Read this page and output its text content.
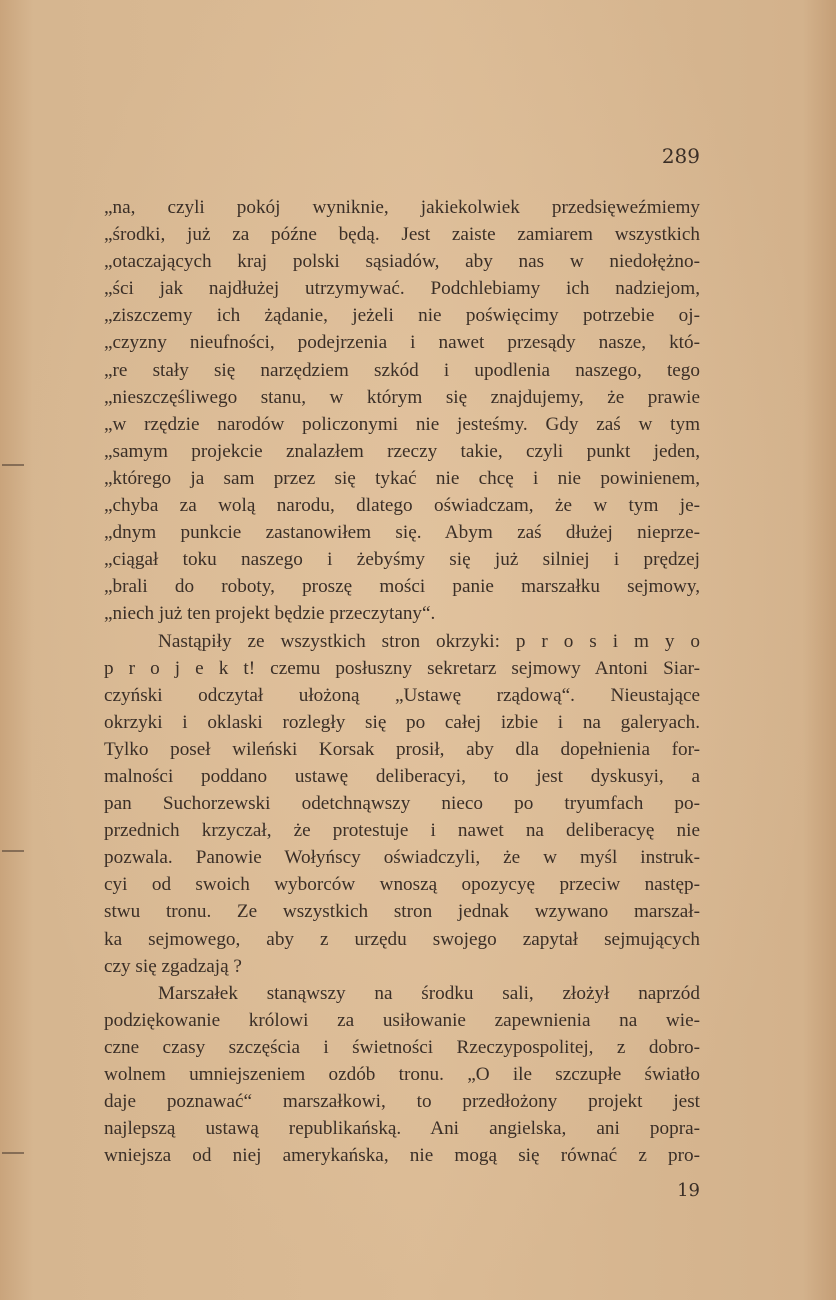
289
„na, czyli pokój wyniknie, jakiekolwiek przedsięweźmiemy
„środki, już za późne będą. Jest zaiste zamiarem wszystkich
„otaczających kraj polski sąsiadów, aby nas w niedołężno-
„ści jak najdłużej utrzymywać. Podchlebiamy ich nadziejom,
„ziszczemy ich żądanie, jeżeli nie poświęcimy potrzebie oj-
„czyzny nieufności, podejrzenia i nawet przesądy nasze, któ-
„re stały się narzędziem szkód i upodlenia naszego, tego
„nieszczęśliwego stanu, w którym się znajdujemy, że prawie
„w rzędzie narodów policzonymi nie jesteśmy. Gdy zaś w tym
„samym projekcie znalazłem rzeczy takie, czyli punkt jeden,
„którego ja sam przez się tykać nie chcę i nie powinienem,
„chyba za wolą narodu, dlatego oświadczam, że w tym je-
„dnym punkcie zastanowiłem się. Abym zaś dłużej nieprze-
„ciągał toku naszego i żebyśmy się już silniej i prędzej
„brali do roboty, proszę mości panie marszałku sejmowy,
„niech już ten projekt będzie przeczytany“.
Nastąpiły ze wszystkich stron okrzyki: p r o s i m y o
p r o j e k t! czemu posłuszny sekretarz sejmowy Antoni Siar-
czyński odczytał ułożoną „Ustawę rządową“. Nieustające
okrzyki i oklaski rozległy się po całej izbie i na galeryach.
Tylko poseł wileński Korsak prosił, aby dla dopełnienia for-
malności poddano ustawę deliberacyi, to jest dyskusyi, a
pan Suchorzewski odetchnąwszy nieco po tryumfach po-
przednich krzyczał, że protestuje i nawet na deliberacyę nie
pozwala. Panowie Wołyńscy oświadczyli, że w myśl instruk-
cyi od swoich wyborców wnoszą opozycyę przeciw następ-
stwu tronu. Ze wszystkich stron jednak wzywano marszał-
ka sejmowego, aby z urzędu swojego zapytał sejmujących
czy się zgadzają ?
Marszałek stanąwszy na środku sali, złożył naprzód
podziękowanie królowi za usiłowanie zapewnienia na wie-
czne czasy szczęścia i świetności Rzeczypospolitej, z dobro-
wolnem umniejszeniem ozdób tronu. „O ile szczupłe światło
daje poznawać“ marszałkowi, to przedłożony projekt jest
najlepszą ustawą republikańską. Ani angielska, ani popra-
wniejsza od niej amerykańska, nie mogą się równać z pro-
19
